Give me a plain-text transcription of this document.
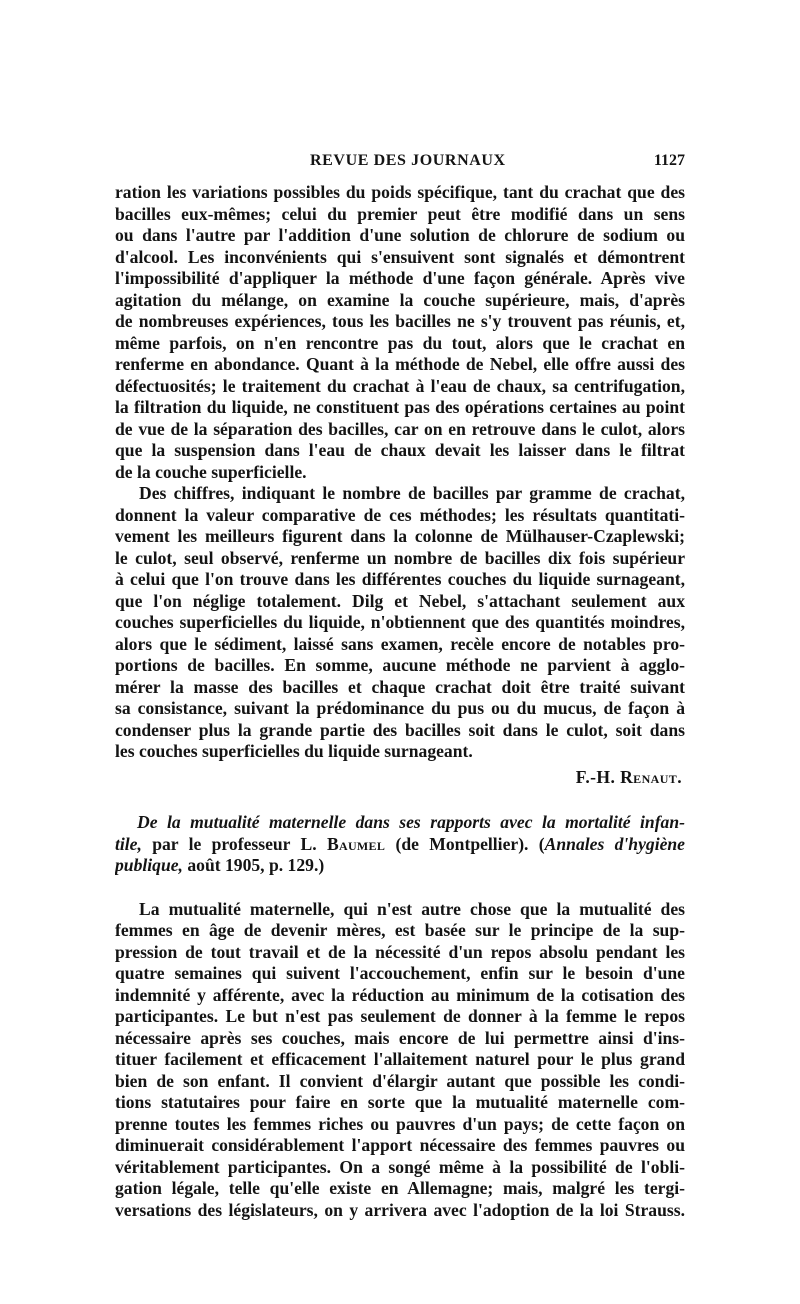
REVUE DES JOURNAUX	1127
ration les variations possibles du poids spécifique, tant du crachat que des
bacilles eux-mêmes; celui du premier peut être modifié dans un sens
ou dans l'autre par l'addition d'une solution de chlorure de sodium ou
d'alcool. Les inconvénients qui s'ensuivent sont signalés et démontrent
l'impossibilité d'appliquer la méthode d'une façon générale. Après vive
agitation du mélange, on examine la couche supérieure, mais, d'après
de nombreuses expériences, tous les bacilles ne s'y trouvent pas réunis, et,
même parfois, on n'en rencontre pas du tout, alors que le crachat en
renferme en abondance. Quant à la méthode de Nebel, elle offre aussi des
défectuosités; le traitement du crachat à l'eau de chaux, sa centrifugation,
la filtration du liquide, ne constituent pas des opérations certaines au point
de vue de la séparation des bacilles, car on en retrouve dans le culot, alors
que la suspension dans l'eau de chaux devait les laisser dans le filtrat
de la couche superficielle.
Des chiffres, indiquant le nombre de bacilles par gramme de crachat,
donnent la valeur comparative de ces méthodes; les résultats quantitati-
vement les meilleurs figurent dans la colonne de Mülhauser-Czaplewski;
le culot, seul observé, renferme un nombre de bacilles dix fois supérieur
à celui que l'on trouve dans les différentes couches du liquide surnageant,
que l'on néglige totalement. Dilg et Nebel, s'attachant seulement aux
couches superficielles du liquide, n'obtiennent que des quantités moindres,
alors que le sédiment, laissé sans examen, recèle encore de notables pro-
portions de bacilles. En somme, aucune méthode ne parvient à agglo-
mérer la masse des bacilles et chaque crachat doit être traité suivant
sa consistance, suivant la prédominance du pus ou du mucus, de façon à
condenser plus la grande partie des bacilles soit dans le culot, soit dans
les couches superficielles du liquide surnageant.
F.-H. Renaut.
De la mutualité maternelle dans ses rapports avec la mortalité infan-
tile, par le professeur L. Baumel (de Montpellier). (Annales d'hygiène
publique, août 1905, p. 129.)
La mutualité maternelle, qui n'est autre chose que la mutualité des
femmes en âge de devenir mères, est basée sur le principe de la sup-
pression de tout travail et de la nécessité d'un repos absolu pendant les
quatre semaines qui suivent l'accouchement, enfin sur le besoin d'une
indemnité y afférente, avec la réduction au minimum de la cotisation des
participantes. Le but n'est pas seulement de donner à la femme le repos
nécessaire après ses couches, mais encore de lui permettre ainsi d'ins-
tituer facilement et efficacement l'allaitement naturel pour le plus grand
bien de son enfant. Il convient d'élargir autant que possible les condi-
tions statutaires pour faire en sorte que la mutualité maternelle com-
prenne toutes les femmes riches ou pauvres d'un pays; de cette façon on
diminuerait considérablement l'apport nécessaire des femmes pauvres ou
véritablement participantes. On a songé même à la possibilité de l'obli-
gation légale, telle qu'elle existe en Allemagne; mais, malgré les tergi-
versations des législateurs, on y arrivera avec l'adoption de la loi Strauss.
